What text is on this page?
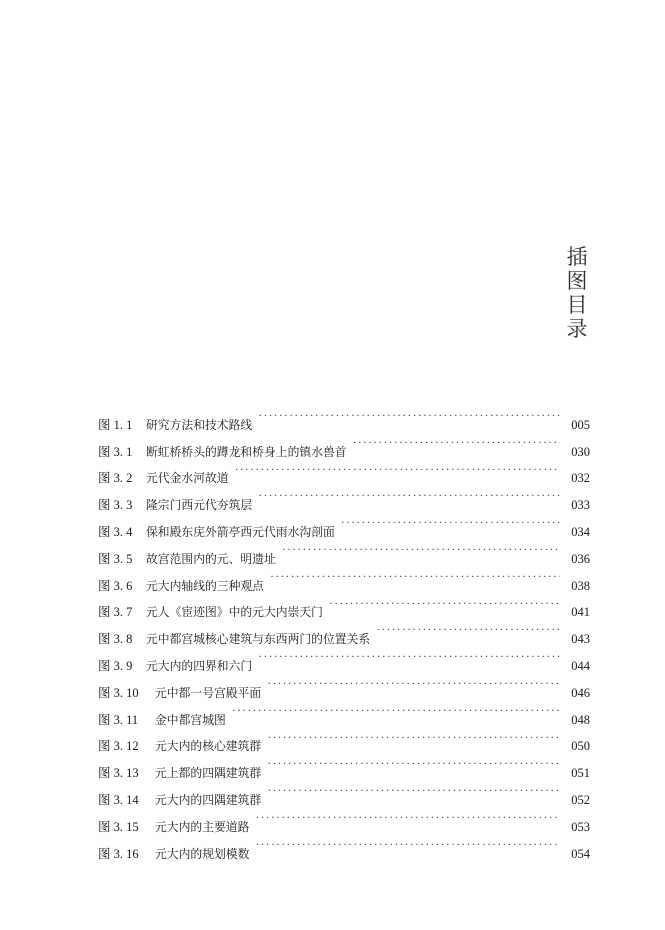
插
图
目
录
图 1. 1	研究方法和技术路线 ·····	005
图 3. 1	断虹桥桥头的蹲龙和桥身上的镇水兽首 ·····	030
图 3. 2	元代金水河故道 ·····	032
图 3. 3	隆宗门西元代夯筑层 ·····	033
图 3. 4	保和殿东庑外箭亭西元代雨水沟剖面 ·····	034
图 3. 5	故宫范围内的元、明遗址 ·····	036
图 3. 6	元大内轴线的三种观点 ·····	038
图 3. 7	元人《宦迹图》中的元大内崇天门 ·····	041
图 3. 8	元中都宫城核心建筑与东西两门的位置关系 ·····	043
图 3. 9	元大内的四界和六门 ·····	044
图 3. 10	元中都一号宫殿平面 ·····	046
图 3. 11	金中都宫城图 ·····	048
图 3. 12	元大内的核心建筑群 ·····	050
图 3. 13	元上都的四隅建筑群 ·····	051
图 3. 14	元大内的四隅建筑群 ·····	052
图 3. 15	元大内的主要道路 ·····	053
图 3. 16	元大内的规划模数 ·····	054
